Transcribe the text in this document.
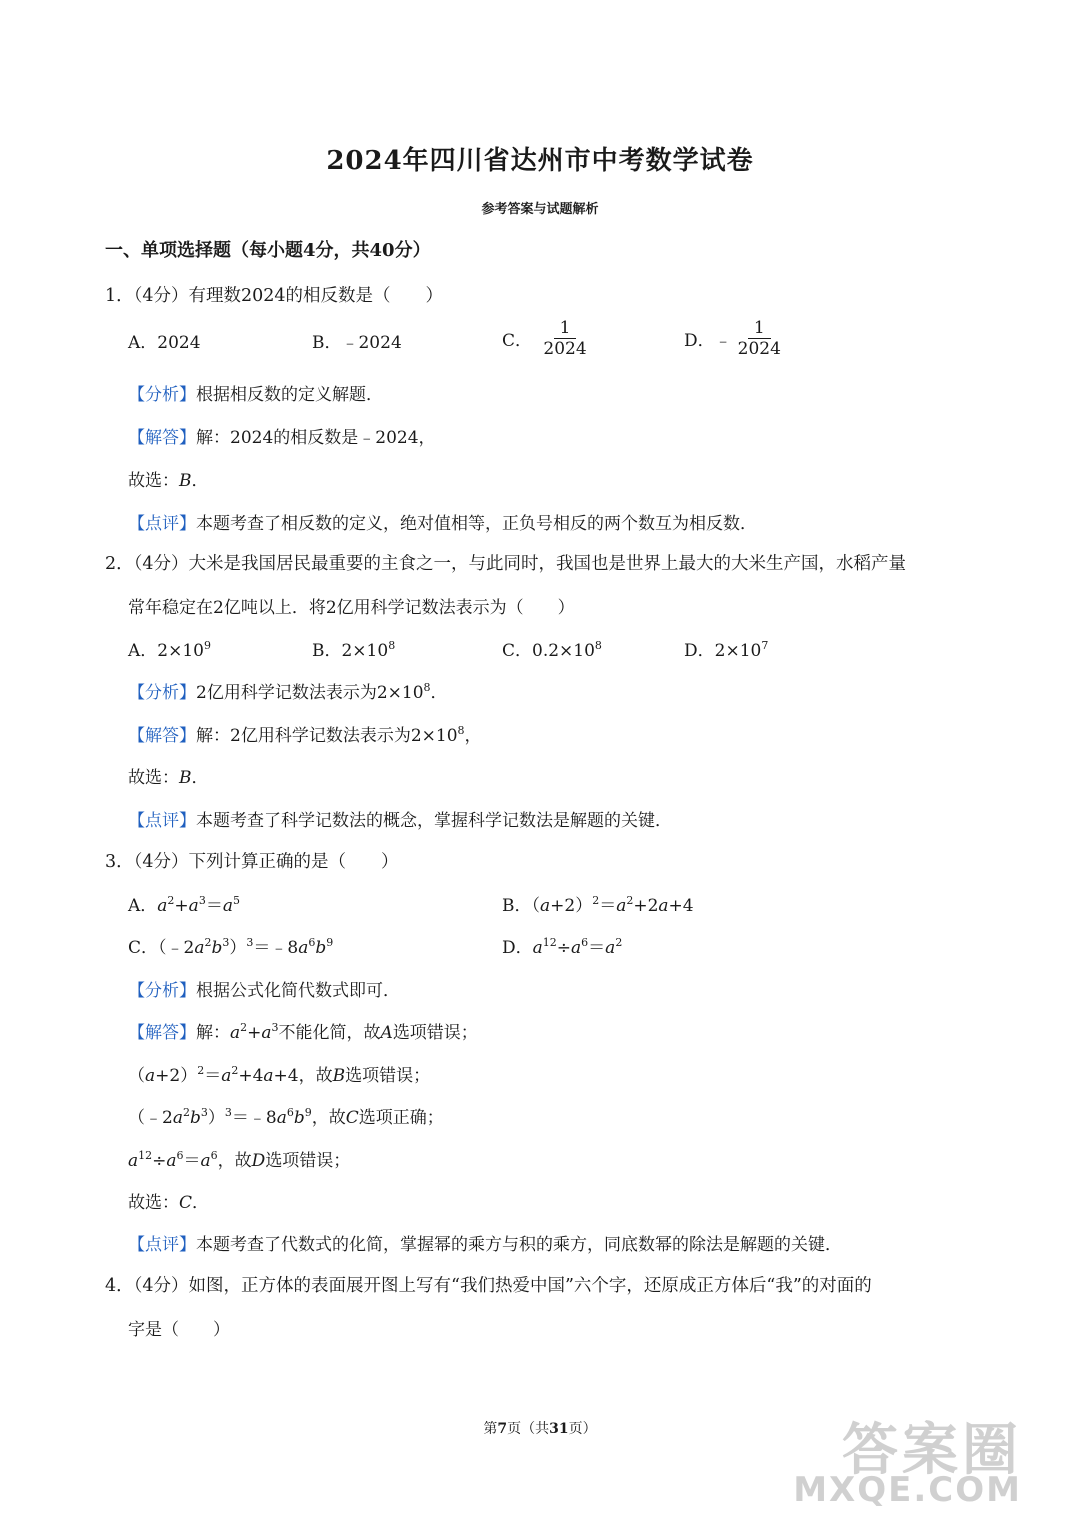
2024年四川省达州市中考数学试卷
参考答案与试题解析
一、单项选择题（每小题4分，共40分）
1．（4分）有理数2024的相反数是（　　）
A．2024	B．﹣2024	C． $\frac{1}{2024}$	D．﹣ $\frac{1}{2024}$
【分析】根据相反数的定义解题．
【解答】解：2024的相反数是﹣2024，
故选：B．
【点评】本题考查了相反数的定义，绝对值相等，正负号相反的两个数互为相反数．
2．（4分）大米是我国居民最重要的主食之一，与此同时，我国也是世界上最大的大米生产国，水稻产量
常年稳定在2亿吨以上．将2亿用科学记数法表示为（　　）
A．$2\times 10^9$	B．$2\times 10^8$	C．$0.2\times 10^8$	D．$2\times 10^7$
【分析】2亿用科学记数法表示为$2\times 10^8$．
【解答】解：2亿用科学记数法表示为$2\times 10^8$，
故选：B．
【点评】本题考查了科学记数法的概念，掌握科学记数法是解题的关键．
3．（4分）下列计算正确的是（　　）
A．$a^2+a^3=a^5$	B．$(a+2)^2=a^2+2a+4$
C．$(﹣2a^2b^3)^3=﹣8a^6b^9$	D．$a^{12}\div a^6=a^2$
【分析】根据公式化简代数式即可．
【解答】解：$a^2+a^3$不能化简，故A选项错误；
$(a+2)^2=a^2+4a+4$，故B选项错误；
$(﹣2a^2b^3)^3=﹣8a^6b^9$，故C选项正确；
$a^{12}\div a^6=a^6$，故D选项错误；
故选：C．
【点评】本题考查了代数式的化简，掌握幂的乘方与积的乘方，同底数幂的除法是解题的关键．
4．（4分）如图，正方体的表面展开图上写有“我们热爱中国”六个字，还原成正方体后“我”的对面的
字是（　　）
第7页（共31页）	答案圈
MXQE.COM
